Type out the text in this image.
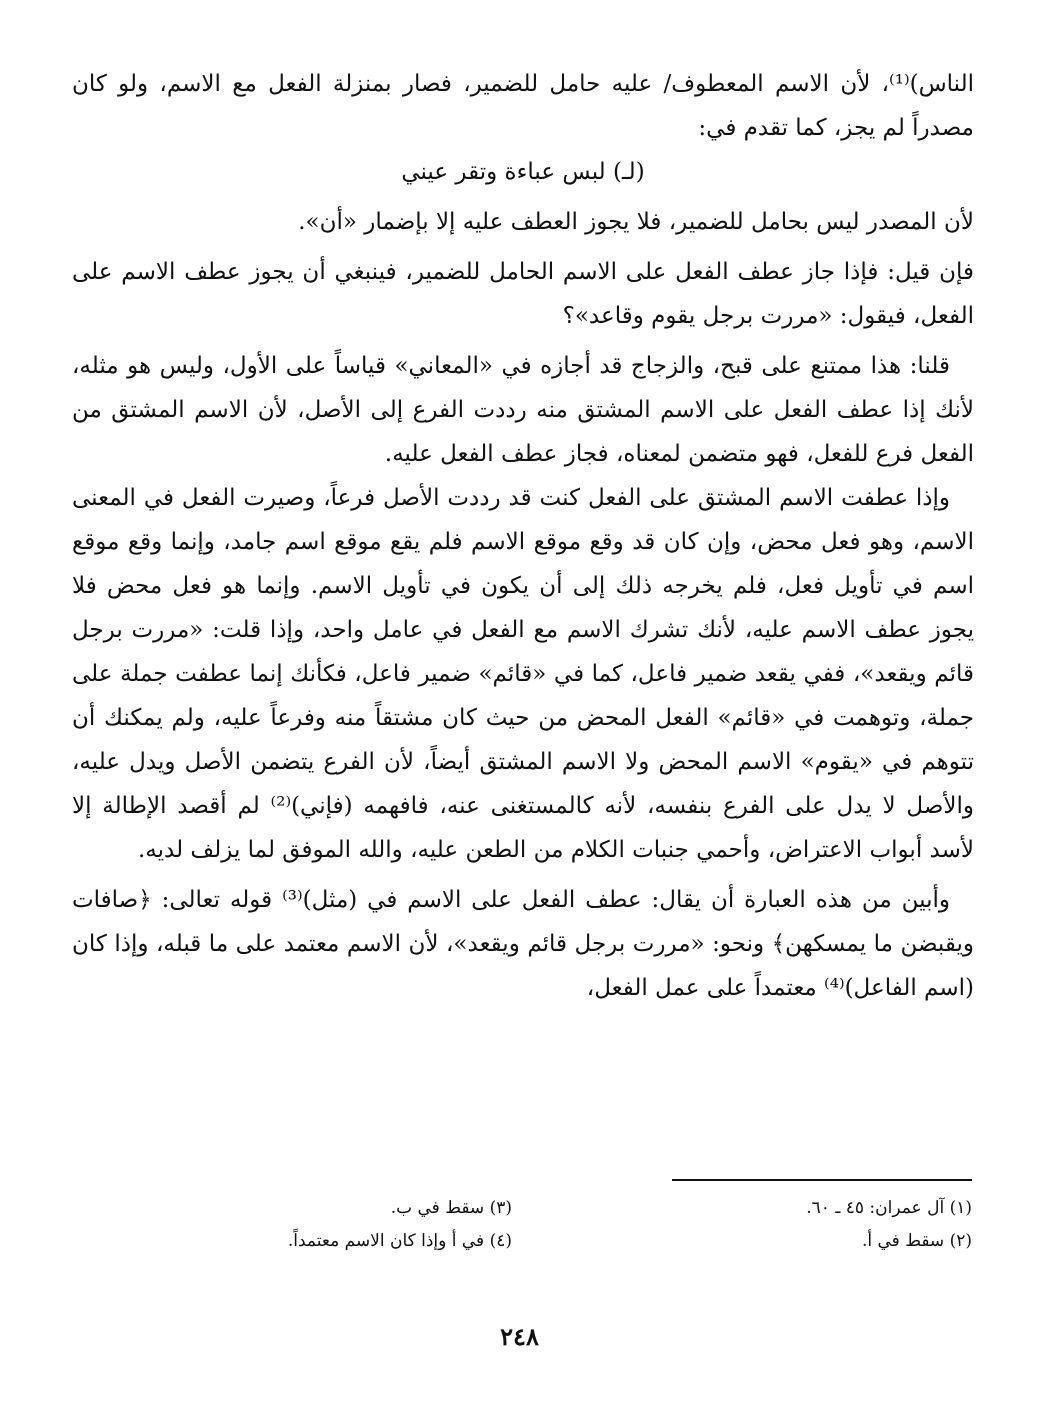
الناس)⁽¹⁾، لأن الاسم المعطوف/ عليه حامل للضمير، فصار بمنزلة الفعل مع الاسم، ولو كان مصدراً لم يجز، كما تقدم في:

(لـ) لبس عباءة وتقر عيني

لأن المصدر ليس بحامل للضمير، فلا يجوز العطف عليه إلا بإضمار «أن».

فإن قيل: فإذا جاز عطف الفعل على الاسم الحامل للضمير، فينبغي أن يجوز عطف الاسم على الفعل، فيقول: «مررت برجل يقوم وقاعد»؟

قلنا: هذا ممتنع على قبح، والزجاج قد أجازه في «المعاني» قياساً على الأول، وليس هو مثله، لأنك إذا عطف الفعل على الاسم المشتق منه رددت الفرع إلى الأصل، لأن الاسم المشتق من الفعل فرع للفعل، فهو متضمن لمعناه، فجاز عطف الفعل عليه.

وإذا عطفت الاسم المشتق على الفعل كنت قد رددت الأصل فرعاً، وصيرت الفعل في المعنى الاسم، وهو فعل محض، وإن كان قد وقع موقع الاسم فلم يقع موقع اسم جامد، وإنما وقع موقع اسم في تأويل فعل، فلم يخرجه ذلك إلى أن يكون في تأويل الاسم. وإنما هو فعل محض فلا يجوز عطف الاسم عليه، لأنك تشرك الاسم مع الفعل في عامل واحد، وإذا قلت: «مررت برجل قائم ويقعد»، ففي يقعد ضمير فاعل، كما في «قائم» ضمير فاعل، فكأنك إنما عطفت جملة على جملة، وتوهمت في «قائم» الفعل المحض من حيث كان مشتقاً منه وفرعاً عليه، ولم يمكنك أن تتوهم في «يقوم» الاسم المحض ولا الاسم المشتق أيضاً، لأن الفرع يتضمن الأصل ويدل عليه، والأصل لا يدل على الفرع بنفسه، لأنه كالمستغنى عنه، فافهمه (فإني)⁽²⁾ لم أقصد الإطالة إلا لأسد أبواب الاعتراض، وأحمي جنبات الكلام من الطعن عليه، والله الموفق لما يزلف لديه.

وأبين من هذه العبارة أن يقال: عطف الفعل على الاسم في (مثل)⁽³⁾ قوله تعالى: ﴿صافات ويقبضن ما يمسكهن﴾ ونحو: «مررت برجل قائم ويقعد»، لأن الاسم معتمد على ما قبله، وإذا كان (اسم الفاعل)⁽⁴⁾ معتمداً على عمل الفعل،

(١) آل عمران: ٤٥ ـ ٦٠.
(٢) سقط في أ.
(٣) سقط في ب.
(٤) في أ وإذا كان الاسم معتمداً.
٢٤٨
